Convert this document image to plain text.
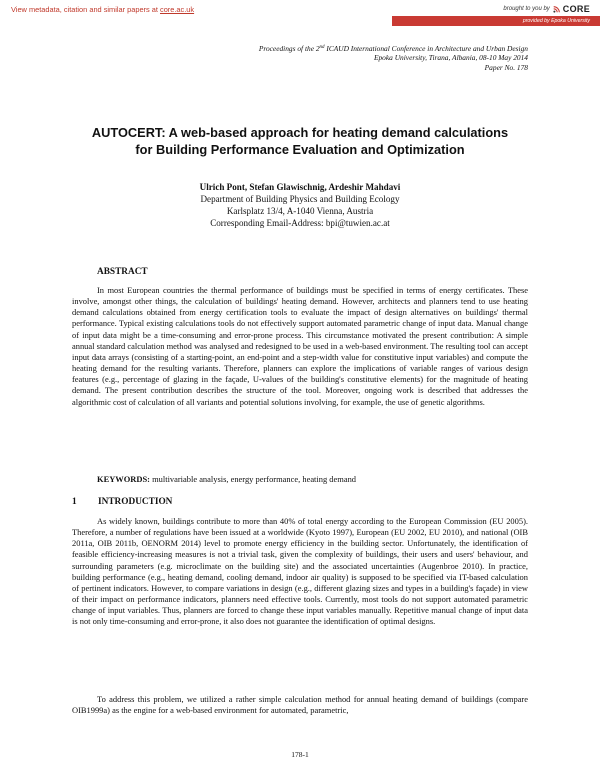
View metadata, citation and similar papers at core.ac.uk	brought to you by CORE
provided by Epoka University
Proceedings of the 2nd ICAUD International Conference in Architecture and Urban Design
Epoka University, Tirana, Albania, 08-10 May 2014
Paper No. 178
AUTOCERT: A web-based approach for heating demand calculations
for Building Performance Evaluation and Optimization
Ulrich Pont, Stefan Glawischnig, Ardeshir Mahdavi
Department of Building Physics and Building Ecology
Karlsplatz 13/4, A-1040 Vienna, Austria
Corresponding Email-Address: bpi@tuwien.ac.at
ABSTRACT

In most European countries the thermal performance of buildings must be specified in terms of energy certificates. These involve, amongst other things, the calculation of buildings' heating demand. However, architects and planners tend to use heating demand calculations obtained from energy certification tools to evaluate the impact of design alternatives on buildings' thermal performance. Typical existing calculations tools do not effectively support automated parametric change of input data. Manual change of input data might be a time-consuming and error-prone process. This circumstance motivated the present contribution: A simple annual standard calculation method was analysed and redesigned to be used in a web-based environment. The resulting tool can accept input data arrays (consisting of a starting-point, an end-point and a step-width value for constitutive input variables) and compute the heating demand for the resulting variants. Therefore, planners can explore the implications of variable ranges of various design features (e.g., percentage of glazing in the façade, U-values of the building's constitutive elements) for the magnitude of heating demand. The present contribution describes the structure of the tool. Moreover, ongoing work is described that addresses the algorithmic cost of calculation of all variants and potential solutions involving, for example, the use of genetic algorithms.

KEYWORDS: multivariable analysis, energy performance, heating demand
1 INTRODUCTION

As widely known, buildings contribute to more than 40% of total energy according to the European Commission (EU 2005). Therefore, a number of regulations have been issued at a worldwide (Kyoto 1997), European (EU 2002, EU 2010), and national (OIB 2011a, OIB 2011b, OENORM 2014) level to promote energy efficiency in the building sector. Unfortunately, the identification of feasible efficiency-increasing measures is not a trivial task, given the complexity of buildings, their users and users' behaviour, and surrounding parameters (e.g. microclimate on the building site) and the associated uncertainties (Augenbroe 2010). In practice, building performance (e.g., heating demand, cooling demand, indoor air quality) is supposed to be specified via IT-based calculation of pertinent indicators. However, to compare variations in design (e.g., different glazing sizes and types in a building's façade) in view of their impact on performance indicators, planners need effective tools. Currently, most tools do not support automated parametric change of input variables. Thus, planners are forced to change these input variables manually. Repetitive manual change of input data is not only time-consuming and error-prone, it also does not guarantee the identification of optimal designs.

To address this problem, we utilized a rather simple calculation method for annual heating demand of buildings (compare OIB1999a) as the engine for a web-based environment for automated, parametric,

178-1
